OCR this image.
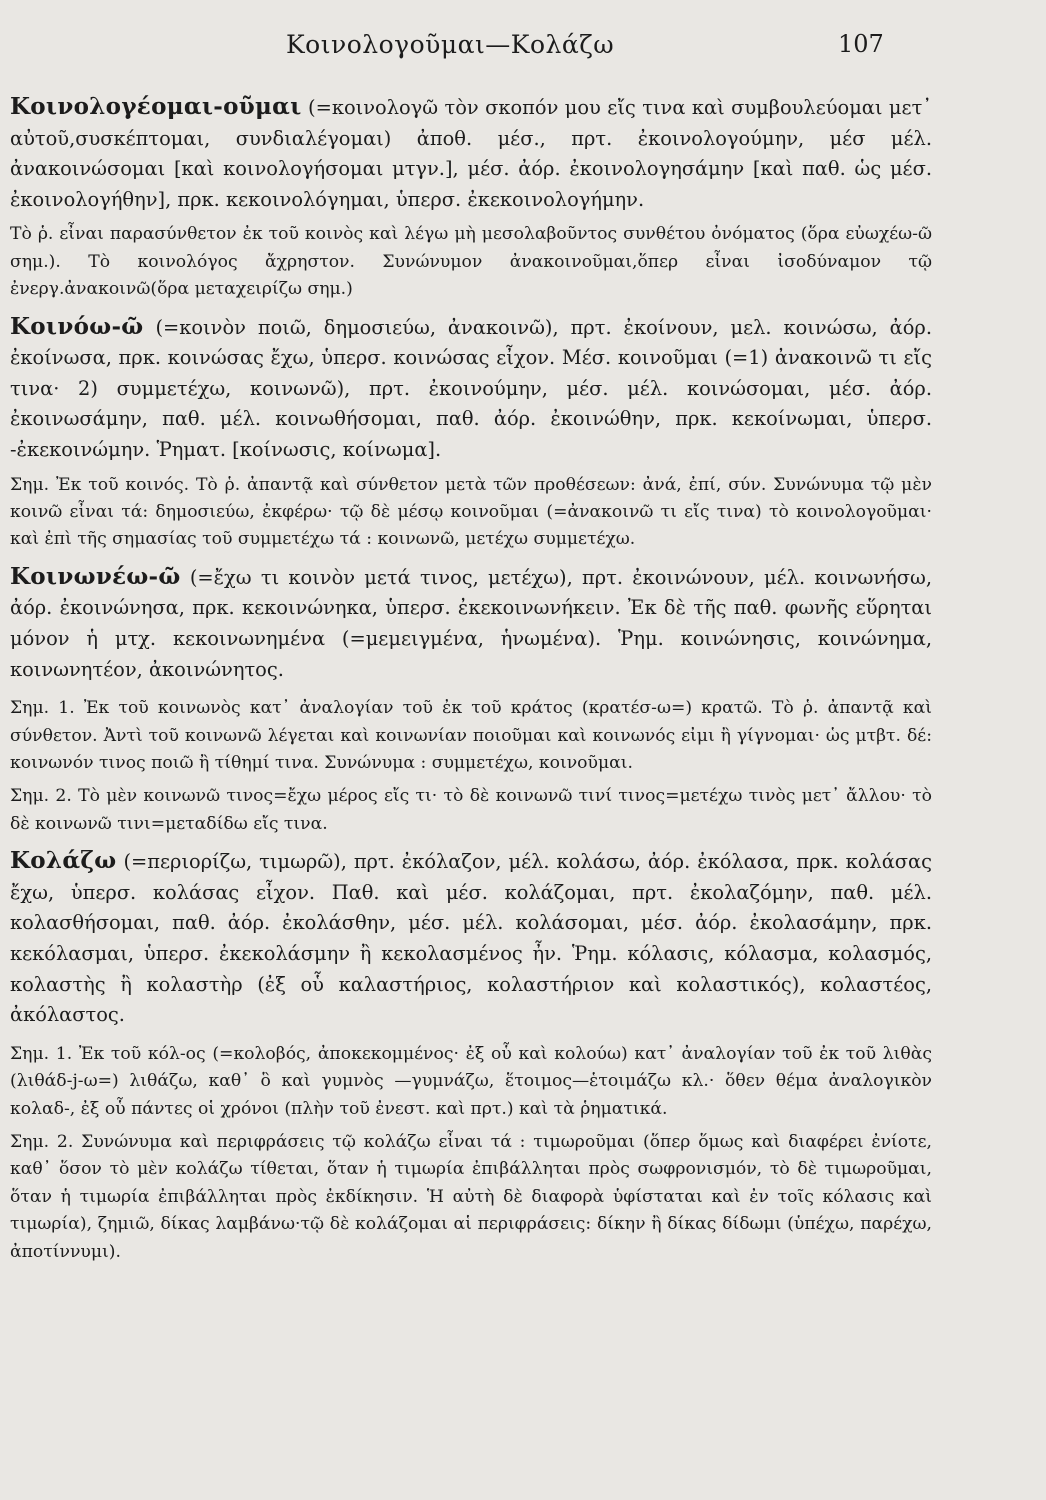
Κοινολογοῦμαι—Κολάζω	107

Κοινολογέομαι-οῦμαι (=κοινολογῶ τὸν σκοπόν μου εἴς τινα καὶ συμβουλεύομαι μετ᾽ αὐτοῦ,συσκέπτομαι, συνδιαλέγομαι) ἀποθ. μέσ., πρτ. ἐκοινολογούμην, μέσ μέλ. ἀνακοινώσομαι [καὶ κοινολογήσομαι μτγν.], μέσ. ἀόρ. ἐκοινολογησάμην [καὶ παθ. ὡς μέσ. ἐκοινολογήθην], πρκ. κεκοινολόγημαι, ὑπερσ. ἐκεκοινολογήμην.

Τὸ ῥ. εἶναι παρασύνθετον ἐκ τοῦ κοινὸς καὶ λέγω μὴ μεσολαβοῦντος συνθέτου ὀνόματος (ὅρα εὐωχέω-ῶ σημ.). Τὸ κοινολόγος ἄχρηστον. Συνώνυμον ἀνακοινοῦμαι,ὅπερ εἶναι ἰσοδύναμον τῷ ἐνεργ.ἀνακοινῶ(ὅρα μεταχειρίζω σημ.)

Κοινόω-ῶ (=κοινὸν ποιῶ, δημοσιεύω, ἀνακοινῶ), πρτ. ἐκοίνουν, μελ. κοινώσω, ἀόρ. ἐκοίνωσα, πρκ. κοινώσας ἔχω, ὑπερσ. κοινώσας εἶχον. Μέσ. κοινοῦμαι (=1) ἀνακοινῶ τι εἴς τινα· 2) συμμετέχω, κοινωνῶ), πρτ. ἐκοινούμην, μέσ. μέλ. κοινώσομαι, μέσ. ἀόρ. ἐκοινωσάμην, παθ. μέλ. κοινωθήσομαι, παθ. ἀόρ. ἐκοινώθην, πρκ. κεκοίνωμαι, ὑπερσ. -ἐκεκοινώμην. Ῥηματ. [κοίνωσις, κοίνωμα].

Σημ. Ἐκ τοῦ κοινός. Τὸ ῥ. ἀπαντᾷ καὶ σύνθετον μετὰ τῶν προθέσεων: ἀνά, ἐπί, σύν. Συνώνυμα τῷ μὲν κοινῶ εἶναι τά: δημοσιεύω, ἐκφέρω· τῷ δὲ μέσῳ κοινοῦμαι (=ἀνακοινῶ τι εἴς τινα) τὸ κοινολογοῦμαι· καὶ ἐπὶ τῆς σημασίας τοῦ συμμετέχω τά : κοινωνῶ, μετέχω συμμετέχω.

Κοινωνέω-ῶ (=ἔχω τι κοινὸν μετά τινος, μετέχω), πρτ. ἐκοινώνουν, μέλ. κοινωνήσω, ἀόρ. ἐκοινώνησα, πρκ. κεκοινώνηκα, ὑπερσ. ἐκεκοινωνήκειν. Ἐκ δὲ τῆς παθ. φωνῆς εὕρηται μόνον ἡ μτχ. κεκοινωνημένα (=μεμειγμένα, ἡνωμένα). Ῥημ. κοινώνησις, κοινώνημα, κοινωνητέον, ἀκοινώνητος.

Σημ. 1. Ἐκ τοῦ κοινωνὸς κατ᾽ ἀναλογίαν τοῦ ἐκ τοῦ κράτος (κρατέσ-ω=) κρατῶ. Τὸ ῥ. ἀπαντᾷ καὶ σύνθετον. Ἀντὶ τοῦ κοινωνῶ λέγεται καὶ κοινωνίαν ποιοῦμαι καὶ κοινωνός εἰμι ἢ γίγνομαι· ὡς μτβτ. δέ: κοινωνόν τινος ποιῶ ἢ τίθημί τινα. Συνώνυμα : συμμετέχω, κοινοῦμαι.

Σημ. 2. Τὸ μὲν κοινωνῶ τινος=ἔχω μέρος εἴς τι· τὸ δὲ κοινωνῶ τινί τινος=μετέχω τινὸς μετ᾽ ἄλλου· τὸ δὲ κοινωνῶ τινι=μεταδίδω εἴς τινα.

Κολάζω (=περιορίζω, τιμωρῶ), πρτ. ἐκόλαζον, μέλ. κολάσω, ἀόρ. ἐκόλασα, πρκ. κολάσας ἔχω, ὑπερσ. κολάσας εἶχον. Παθ. καὶ μέσ. κολάζομαι, πρτ. ἐκολαζόμην, παθ. μέλ. κολασθήσομαι, παθ. ἀόρ. ἐκολάσθην, μέσ. μέλ. κολάσομαι, μέσ. ἀόρ. ἐκολασάμην, πρκ. κεκόλασμαι, ὑπερσ. ἐκεκολάσμην ἢ κεκολασμένος ἦν. Ῥημ. κόλασις, κόλασμα, κολασμός, κολαστὴς ἢ κολαστὴρ (ἐξ οὗ καλαστήριος, κολαστήριον καὶ κολαστικός), κολαστέος, ἀκόλαστος.

Σημ. 1. Ἐκ τοῦ κόλ-ος (=κολοβός, ἀποκεκομμένος· ἐξ οὗ καὶ κολούω) κατ᾽ ἀναλογίαν τοῦ ἐκ τοῦ λιθὰς (λιθάδ-j-ω=) λιθάζω, καθ᾽ ὃ καὶ γυμνὸς —γυμνάζω, ἕτοιμος—ἑτοιμάζω κλ.· ὅθεν θέμα ἀναλογικὸν κολαδ-, ἐξ οὗ πάντες οἱ χρόνοι (πλὴν τοῦ ἐνεστ. καὶ πρτ.) καὶ τὰ ῥηματικά.

Σημ. 2. Συνώνυμα καὶ περιφράσεις τῷ κολάζω εἶναι τά : τιμωροῦμαι (ὅπερ ὅμως καὶ διαφέρει ἐνίοτε, καθ᾽ ὅσον τὸ μὲν κολάζω τίθεται, ὅταν ἡ τιμωρία ἐπιβάλληται πρὸς σωφρονισμόν, τὸ δὲ τιμωροῦμαι, ὅταν ἡ τιμωρία ἐπιβάλληται πρὸς ἐκδίκησιν. Ἡ αὐτὴ δὲ διαφορὰ ὑφίσταται καὶ ἐν τοῖς κόλασις καὶ τιμωρία), ζημιῶ, δίκας λαμβάνω·τῷ δὲ κολάζομαι αἱ περιφράσεις: δίκην ἢ δίκας δίδωμι (ὑπέχω, παρέχω, ἀποτίννυμι).
